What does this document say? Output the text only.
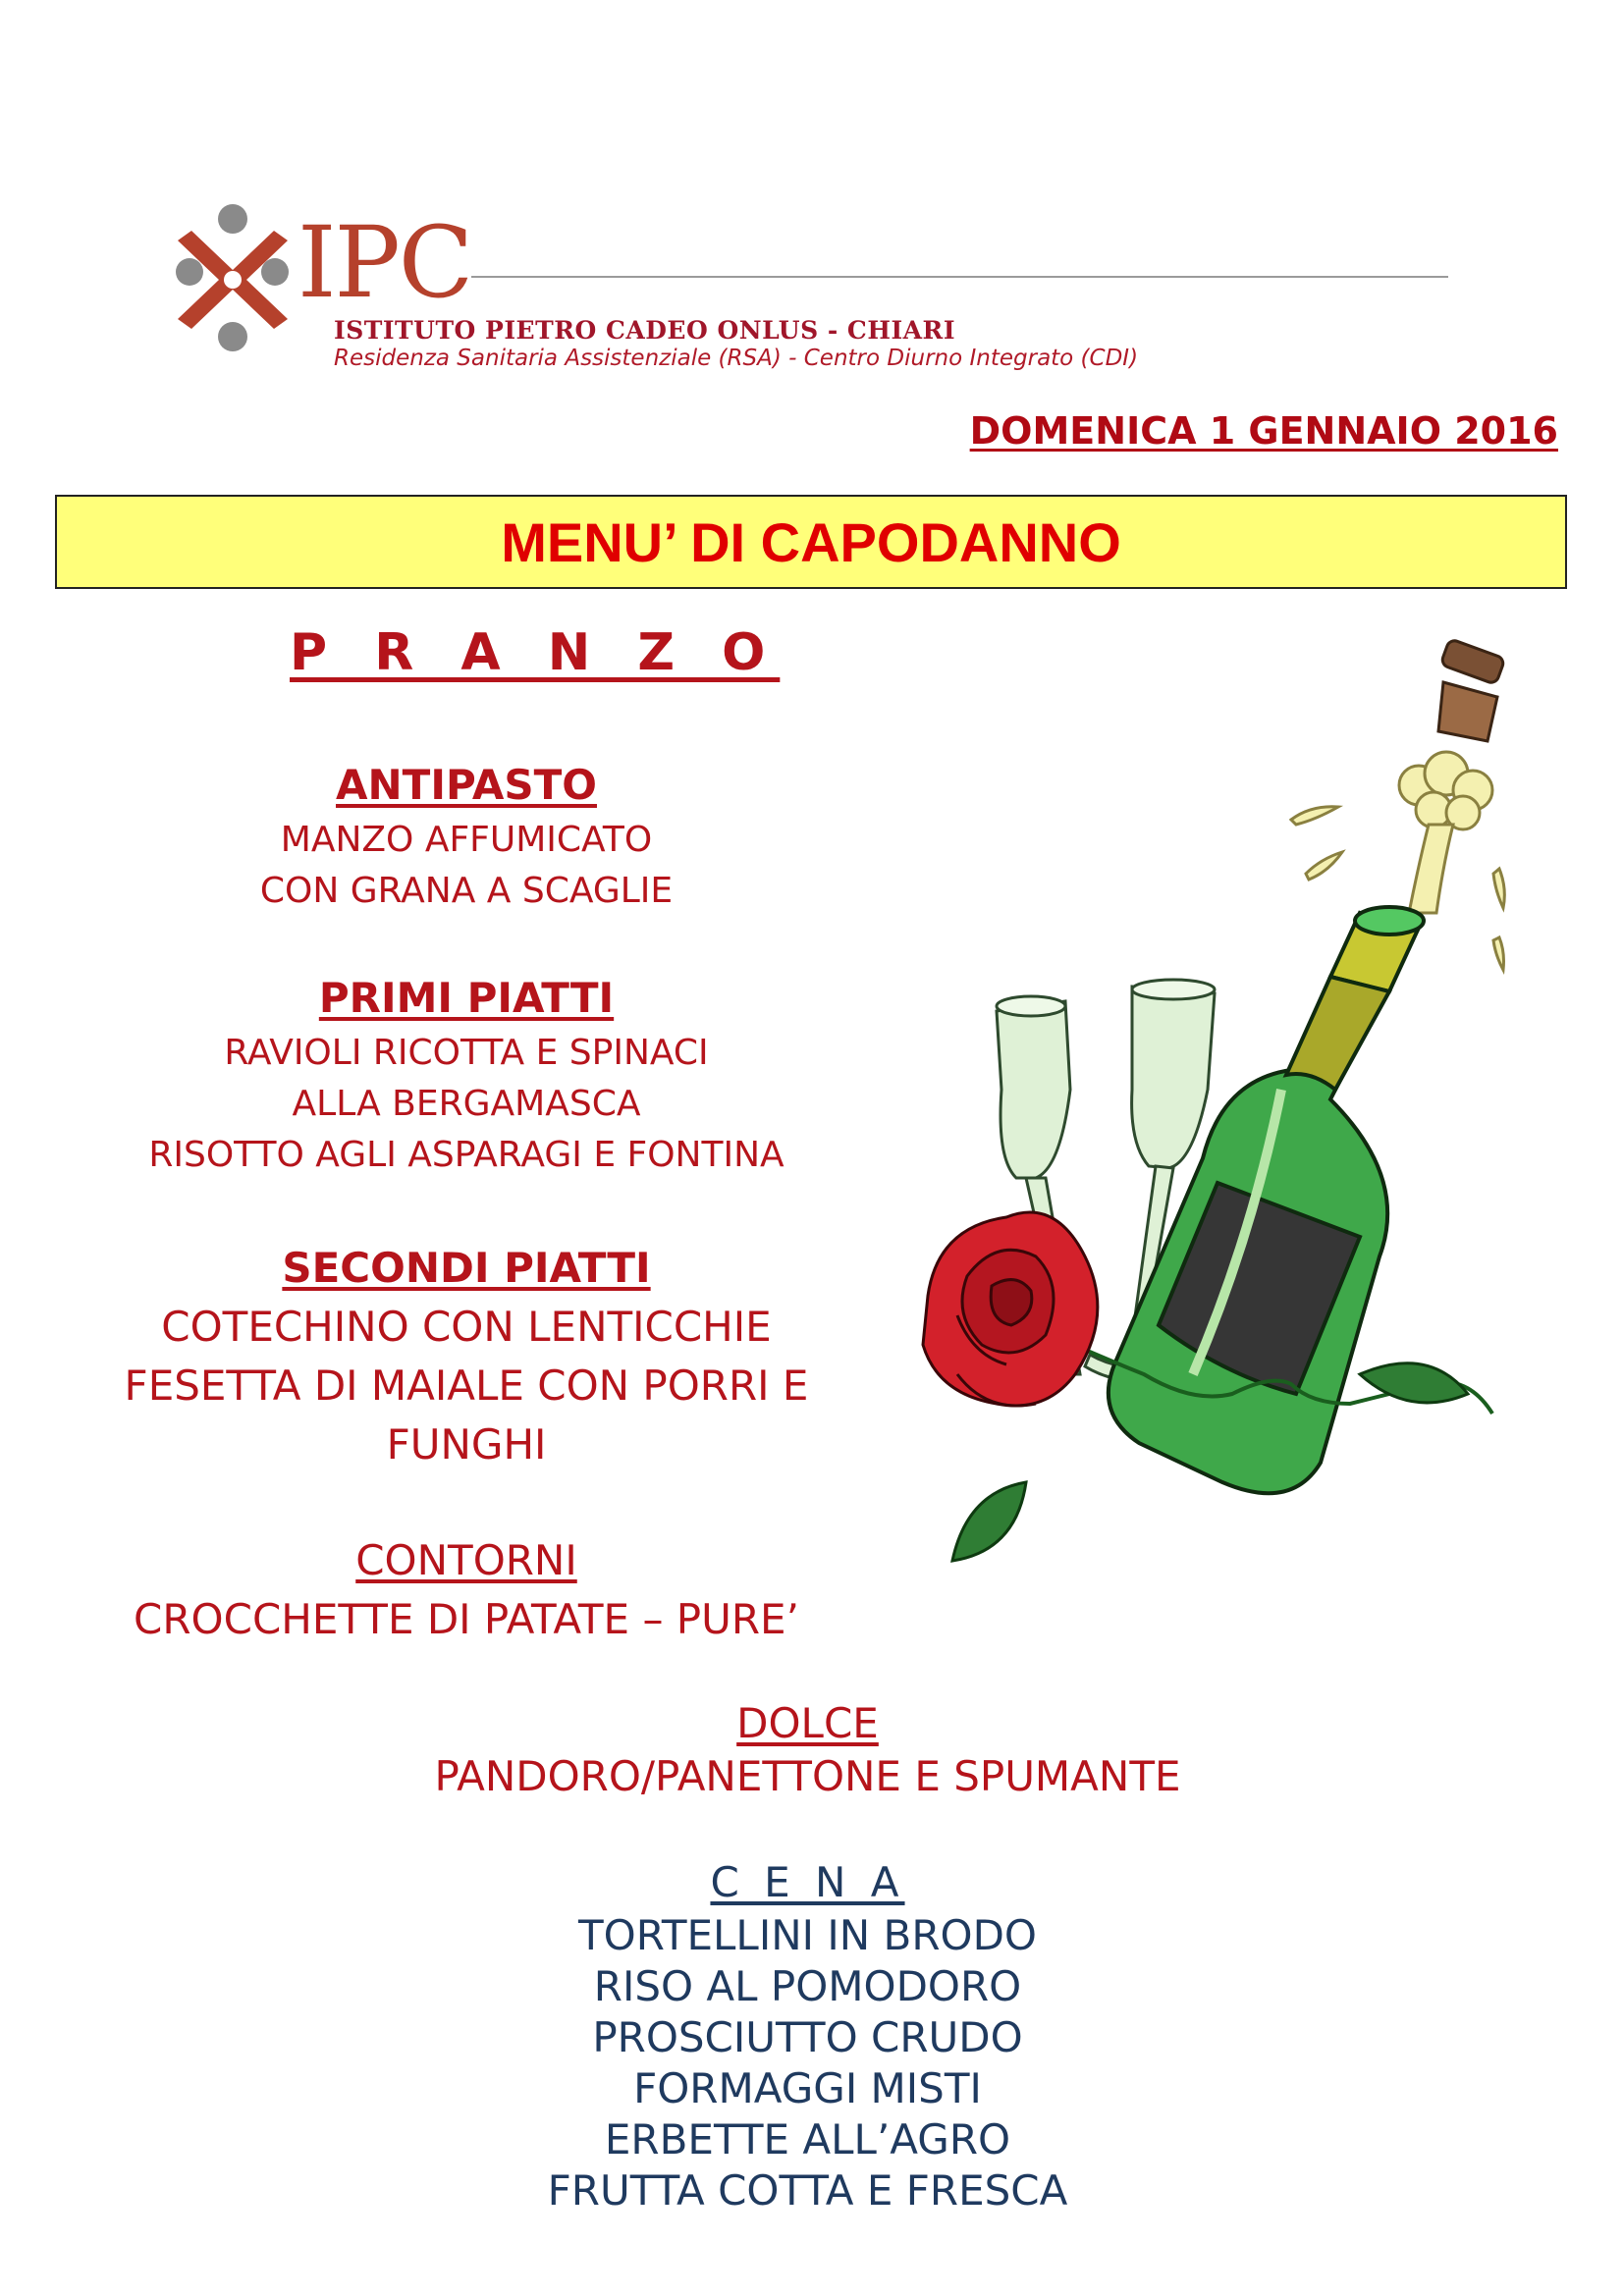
IPC
ISTITUTO PIETRO CADEO ONLUS - CHIARI
Residenza Sanitaria Assistenziale (RSA) - Centro Diurno Integrato (CDI)
DOMENICA 1 GENNAIO 2016
MENU’ DI CAPODANNO
P R A N Z O
ANTIPASTO
MANZO AFFUMICATO
CON GRANA A SCAGLIE
PRIMI PIATTI
RAVIOLI RICOTTA E SPINACI
ALLA BERGAMASCA
RISOTTO AGLI ASPARAGI E FONTINA
SECONDI PIATTI
COTECHINO CON LENTICCHIE
FESETTA DI MAIALE CON PORRI E
FUNGHI
CONTORNI
CROCCHETTE DI PATATE – PURE’
DOLCE
PANDORO/PANETTONE E SPUMANTE
C E N A
TORTELLINI IN BRODO
RISO AL POMODORO
PROSCIUTTO CRUDO
FORMAGGI MISTI
ERBETTE ALL’AGRO
FRUTTA COTTA E FRESCA
